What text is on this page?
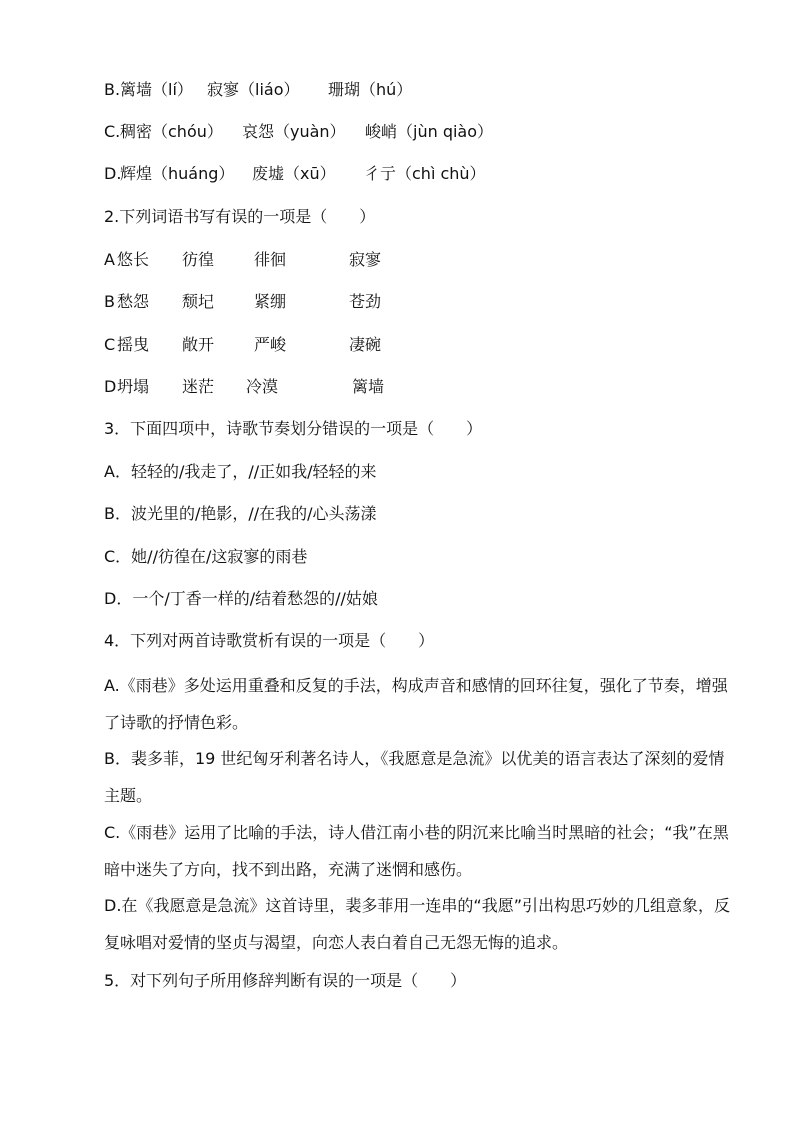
B. 篱墙（lí） 寂寥（liáo） 珊瑚（hú）
C. 稠密（chóu） 哀怨（yuàn） 峻峭（jùn qiào）
D.
辉煌（huáng） 废墟（xū） 彳亍（chì chù）
2.下列词语书写有误的一项是（　　）
A 悠长 彷徨 徘徊	寂寥
B 愁怨 颓圮 紧绷	苍劲
C 摇曳 敞开 严峻	凄碗
D 坍塌 迷茫 冷漠	篱墙
3．下面四项中，诗歌节奏划分错误的一项是（　　）
A．轻轻的/我走了，//正如我/轻轻的来
B．波光里的/艳影，//在我的/心头荡漾
C．她//彷徨在/这寂寥的雨巷
D．一个/丁香一样的/结着愁怨的//姑娘
4．下列对两首诗歌赏析有误的一项是（　　）
A.《雨巷》多处运用重叠和反复的手法，构成声音和感情的回环往复，强化了节奏，增强
了诗歌的抒情色彩。
B．裴多菲，19 世纪匈牙利著名诗人，《我愿意是急流》以优美的语言表达了深刻的爱情
主题。
C.《雨巷》运用了比喻的手法，诗人借江南小巷的阴沉来比喻当时黑暗的社会；“我”在黑
暗中迷失了方向，找不到出路，充满了迷惘和感伤。
D.在《我愿意是急流》这首诗里，裴多菲用一连串的“我愿”引出构思巧妙的几组意象，反
复咏唱对爱情的坚贞与渴望，向恋人表白着自己无怨无悔的追求。
5．对下列句子所用修辞判断有误的一项是（　　）
